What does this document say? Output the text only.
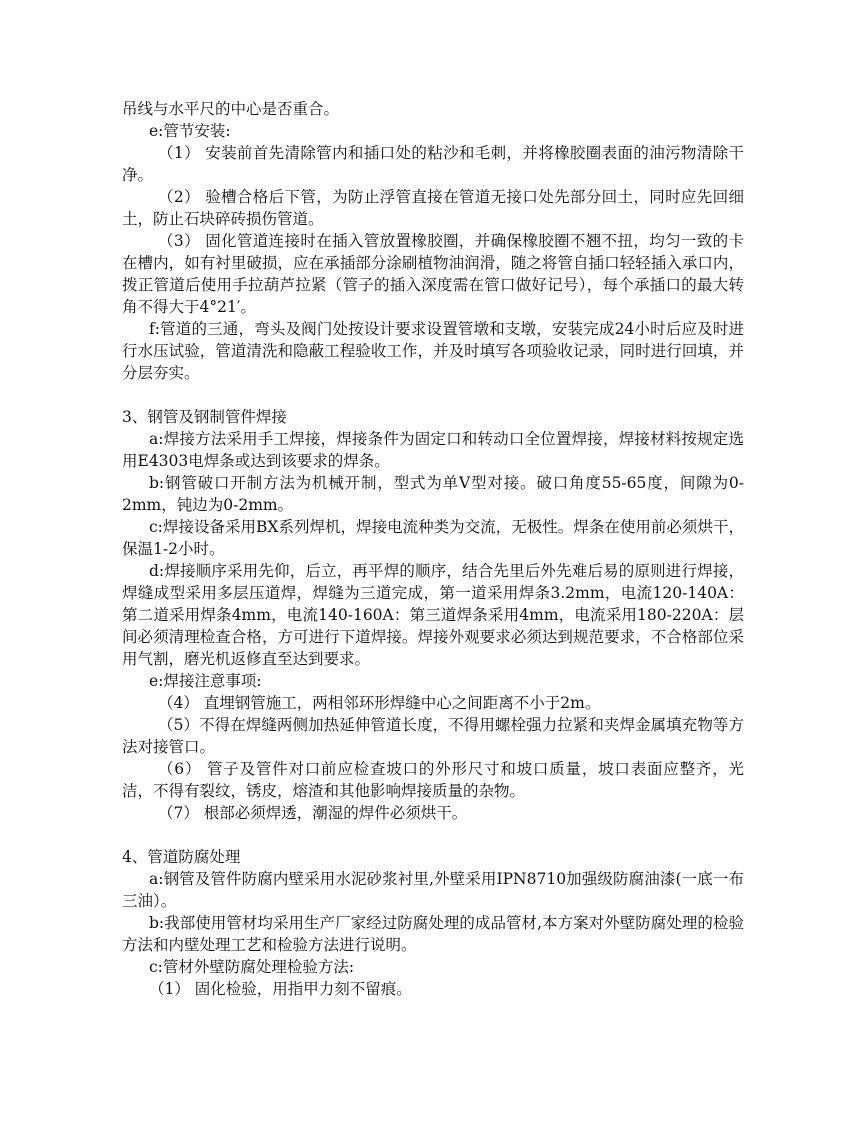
吊线与水平尺的中心是否重合。

e:管节安装:

（1） 安装前首先清除管内和插口处的粘沙和毛刺，并将橡胶圈表面的油污物清除干净。

（2） 验槽合格后下管，为防止浮管直接在管道无接口处先部分回土，同时应先回细土，防止石块碎砖损伤管道。

（3） 固化管道连接时在插入管放置橡胶圈，并确保橡胶圈不翘不扭，均匀一致的卡在槽内，如有衬里破损，应在承插部分涂刷植物油润滑，随之将管自插口轻轻插入承口内，拨正管道后使用手拉葫芦拉紧（管子的插入深度需在管口做好记号），每个承插口的最大转角不得大于4°21′。

f:管道的三通，弯头及阀门处按设计要求设置管墩和支墩，安装完成24小时后应及时进行水压试验，管道清洗和隐蔽工程验收工作，并及时填写各项验收记录，同时进行回填，并分层夯实。

3、钢管及钢制管件焊接

a:焊接方法采用手工焊接，焊接条件为固定口和转动口全位置焊接，焊接材料按规定选用E4303电焊条或达到该要求的焊条。

b:钢管破口开制方法为机械开制，型式为单V型对接。破口角度55-65度，间隙为0-2mm，钝边为0-2mm。

c:焊接设备采用BX系列焊机，焊接电流种类为交流，无极性。焊条在使用前必须烘干，保温1-2小时。

d:焊接顺序采用先仰，后立，再平焊的顺序，结合先里后外先难后易的原则进行焊接，焊缝成型采用多层压道焊，焊缝为三道完成，第一道采用焊条3.2mm，电流120-140A：第二道采用焊条4mm，电流140-160A：第三道焊条采用4mm，电流采用180-220A：层间必须清理检查合格，方可进行下道焊接。焊接外观要求必须达到规范要求，不合格部位采用气割，磨光机返修直至达到要求。

e:焊接注意事项:

（4） 直埋钢管施工，两相邻环形焊缝中心之间距离不小于2m。

（5）不得在焊缝两侧加热延伸管道长度，不得用螺栓强力拉紧和夹焊金属填充物等方法对接管口。

（6） 管子及管件对口前应检查坡口的外形尺寸和坡口质量，坡口表面应整齐，光洁，不得有裂纹，锈皮，熔渣和其他影响焊接质量的杂物。

（7） 根部必须焊透，潮湿的焊件必须烘干。

4、管道防腐处理

a:钢管及管件防腐内壁采用水泥砂浆衬里,外壁采用IPN8710加强级防腐油漆(一底一布三油）。

b:我部使用管材均采用生产厂家经过防腐处理的成品管材,本方案对外壁防腐处理的检验方法和内壁处理工艺和检验方法进行说明。

c:管材外壁防腐处理检验方法:

（1） 固化检验，用指甲力刻不留痕。
